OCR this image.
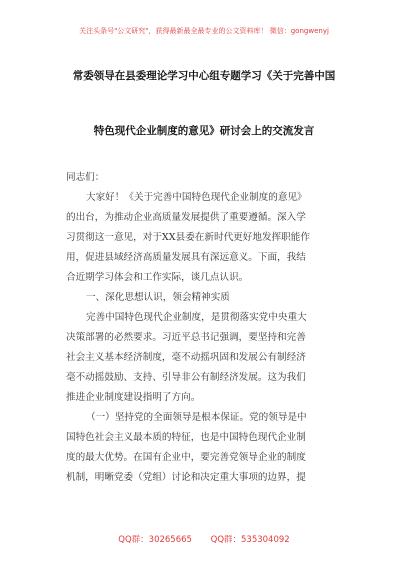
关注头条号"公文研究"，获得最新最全最专业的公文资料库！ 微信：gongwenyj
常委领导在县委理论学习中心组专题学习《关于完善中国
特色现代企业制度的意见》研讨会上的交流发言
同志们：
大家好！《关于完善中国特色现代企业制度的意见》
的出台，为推动企业高质量发展提供了重要遵循。深入学
习贯彻这一意见，对于XX县委在新时代更好地发挥职能作
用，促进县域经济高质量发展具有深远意义。下面，我结
合近期学习体会和工作实际，谈几点认识。
一、深化思想认识，领会精神实质
完善中国特色现代企业制度，是贯彻落实党中央重大
决策部署的必然要求。习近平总书记强调，要坚持和完善
社会主义基本经济制度，毫不动摇巩固和发展公有制经济
毫不动摇鼓励、支持、引导非公有制经济发展。这为我们
推进企业制度建设指明了方向。
（一）坚持党的全面领导是根本保证。党的领导是中
国特色社会主义最本质的特征，也是中国特色现代企业制
度的最大优势。在国有企业中，要完善党领导企业的制度
机制，明晰党委（党组）讨论和决定重大事项的边界，提
QQ群：30265665 QQ群：535304092
